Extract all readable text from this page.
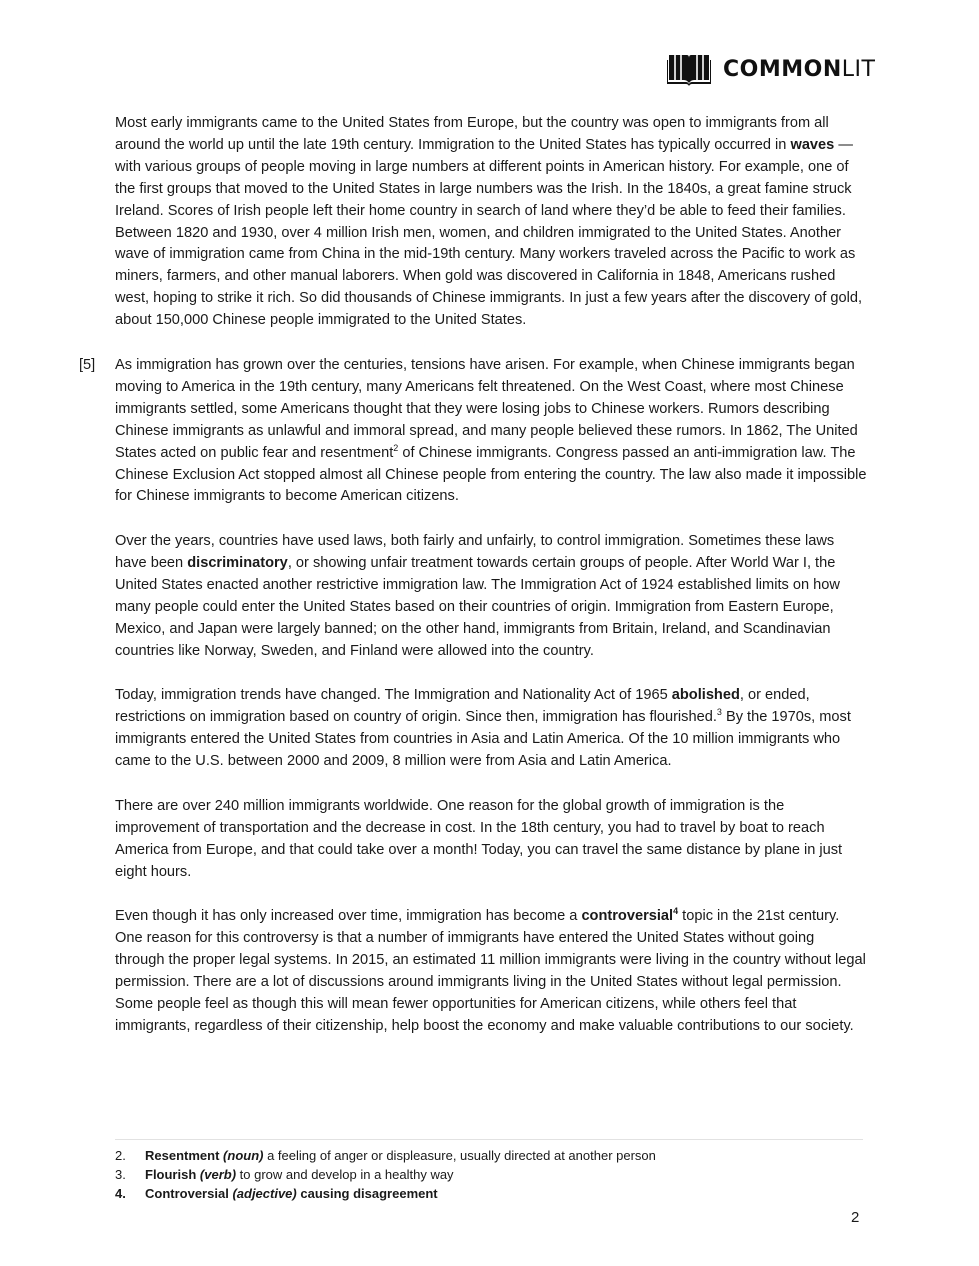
COMMONLIT

Most early immigrants came to the United States from Europe, but the country was open to immigrants from all around the world up until the late 19th century. Immigration to the United States has typically occurred in waves — with various groups of people moving in large numbers at different points in American history. For example, one of the first groups that moved to the United States in large numbers was the Irish. In the 1840s, a great famine struck Ireland. Scores of Irish people left their home country in search of land where they’d be able to feed their families. Between 1820 and 1930, over 4 million Irish men, women, and children immigrated to the United States. Another wave of immigration came from China in the mid-19th century. Many workers traveled across the Pacific to work as miners, farmers, and other manual laborers. When gold was discovered in California in 1848, Americans rushed west, hoping to strike it rich. So did thousands of Chinese immigrants. In just a few years after the discovery of gold, about 150,000 Chinese people immigrated to the United States.

[5] As immigration has grown over the centuries, tensions have arisen. For example, when Chinese immigrants began moving to America in the 19th century, many Americans felt threatened. On the West Coast, where most Chinese immigrants settled, some Americans thought that they were losing jobs to Chinese workers. Rumors describing Chinese immigrants as unlawful and immoral spread, and many people believed these rumors. In 1862, The United States acted on public fear and resentment$^2$ of Chinese immigrants. Congress passed an anti-immigration law. The Chinese Exclusion Act stopped almost all Chinese people from entering the country. The law also made it impossible for Chinese immigrants to become American citizens.

Over the years, countries have used laws, both fairly and unfairly, to control immigration. Sometimes these laws have been discriminatory, or showing unfair treatment towards certain groups of people. After World War I, the United States enacted another restrictive immigration law. The Immigration Act of 1924 established limits on how many people could enter the United States based on their countries of origin. Immigration from Eastern Europe, Mexico, and Japan were largely banned; on the other hand, immigrants from Britain, Ireland, and Scandinavian countries like Norway, Sweden, and Finland were allowed into the country.

Today, immigration trends have changed. The Immigration and Nationality Act of 1965 abolished, or ended, restrictions on immigration based on country of origin. Since then, immigration has flourished.$^3$ By the 1970s, most immigrants entered the United States from countries in Asia and Latin America. Of the 10 million immigrants who came to the U.S. between 2000 and 2009, 8 million were from Asia and Latin America.

There are over 240 million immigrants worldwide. One reason for the global growth of immigration is the improvement of transportation and the decrease in cost. In the 18th century, you had to travel by boat to reach America from Europe, and that could take over a month! Today, you can travel the same distance by plane in just eight hours.

Even though it has only increased over time, immigration has become a controversial$^4$ topic in the 21st century. One reason for this controversy is that a number of immigrants have entered the United States without going through the proper legal systems. In 2015, an estimated 11 million immigrants were living in the country without legal permission. There are a lot of discussions around immigrants living in the United States without legal permission. Some people feel as though this will mean fewer opportunities for American citizens, while others feel that immigrants, regardless of their citizenship, help boost the economy and make valuable contributions to our society.

2. Resentment (noun) a feeling of anger or displeasure, usually directed at another person

3. Flourish (verb) to grow and develop in a healthy way

4. Controversial (adjective) causing disagreement

2
